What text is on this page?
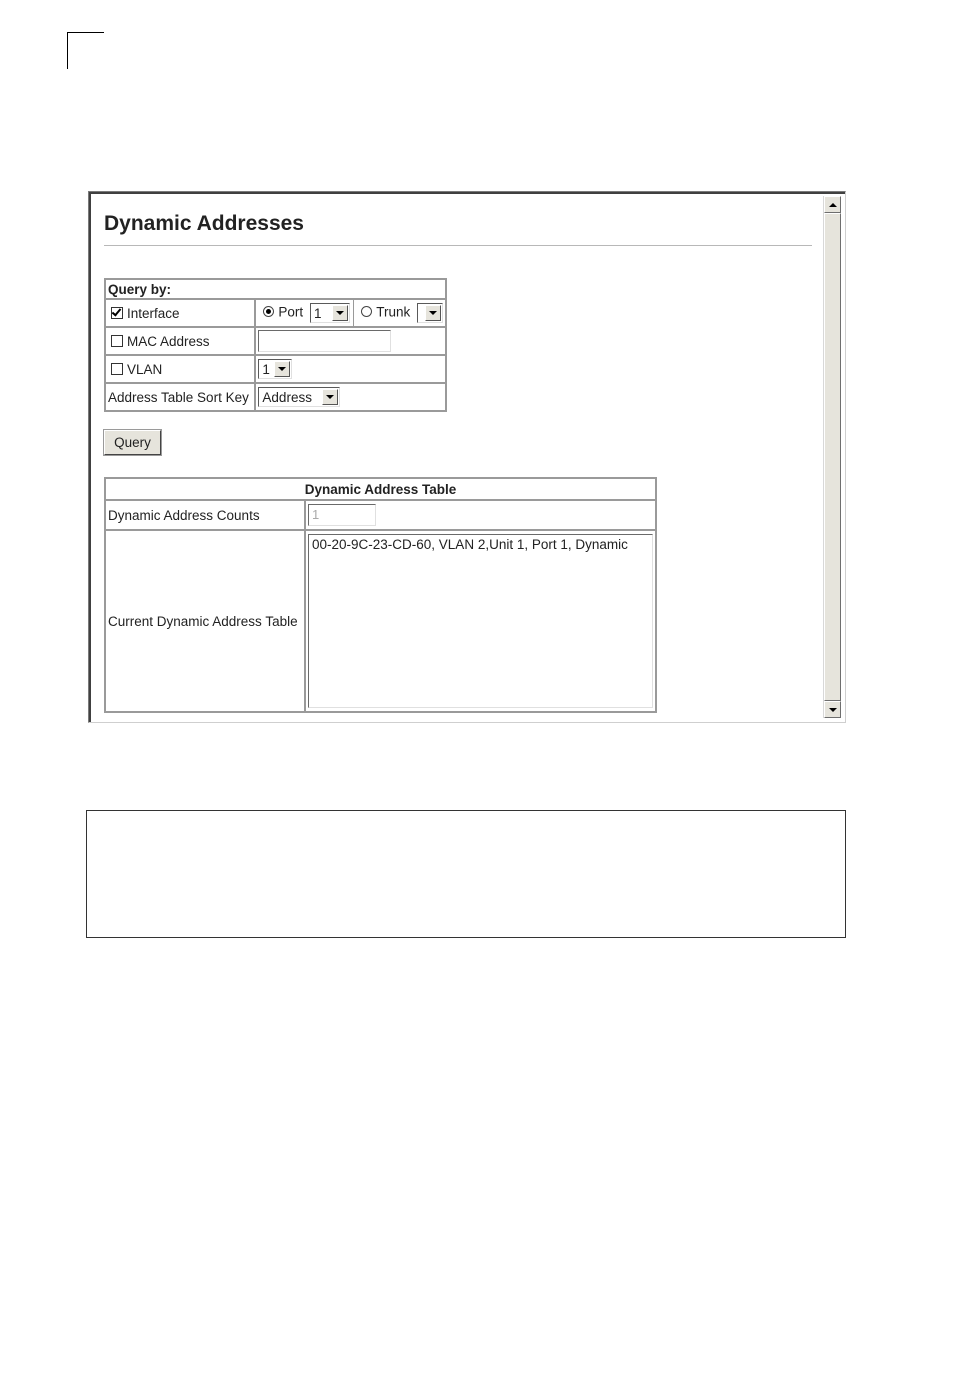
Dynamic Addresses
Query by:		
Interface	Port 1	Trunk

MAC Address		
VLAN	1	

Address Table Sort Key	Address	
Query
Dynamic Address Table	
Dynamic Address Counts	1
Current Dynamic Address Table	00-20-9C-23-CD-60, VLAN 2,Unit 1, Port 1, Dynamic
